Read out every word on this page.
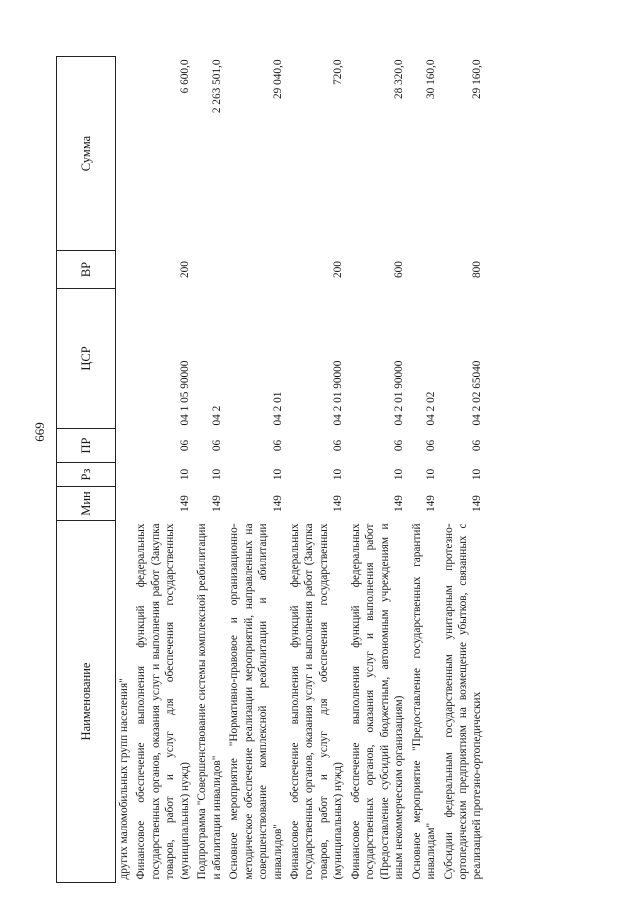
669
Наименование	Мин	Рз	ПР	ЦСР	ВР	Сумма
других маломобильных групп населения"						
Финансовое обеспечение выполнения функций федеральных государственных органов, оказания услуг и выполнения работ (Закупка товаров, работ и услуг для обеспечения государственных (муниципальных) нужд)	149	10	06	04 1 05 90000	200	6 600,0
Подпрограмма "Совершенствование системы комплексной реабилитации и абилитации инвалидов"	149	10	06	04 2		2 263 501,0
Основное мероприятие "Нормативно-правовое и организационно-методическое обеспечение реализации мероприятий, направленных на совершенствование комплексной реабилитации и абилитации инвалидов"	149	10	06	04 2 01		29 040,0
Финансовое обеспечение выполнения функций федеральных государственных органов, оказания услуг и выполнения работ (Закупка товаров, работ и услуг для обеспечения государственных (муниципальных) нужд)	149	10	06	04 2 01 90000	200	720,0
Финансовое обеспечение выполнения функций федеральных государственных органов, оказания услуг и выполнения работ (Предоставление субсидий бюджетным, автономным учреждениям и иным некоммерческим организациям)	149	10	06	04 2 01 90000	600	28 320,0
Основное мероприятие "Предоставление государственных гарантий инвалидам"	149	10	06	04 2 02		30 160,0
Субсидии федеральным государственным унитарным протезно-ортопедическим предприятиям на возмещение убытков, связанных с реализацией протезно-ортопедических	149	10	06	04 2 02 65040	800	29 160,0
